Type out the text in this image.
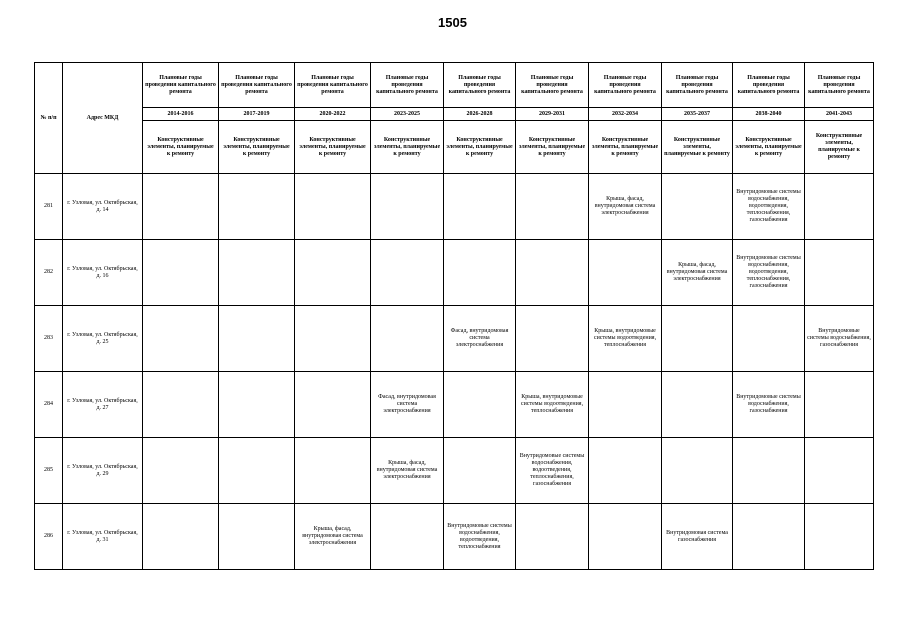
1505
№ п/п	Адрес МКД	Плановые годы проведения капитального ремонта	Плановые годы проведения капитального ремонта	Плановые годы проведения капитального ремонта	Плановые годы проведения капитального ремонта	Плановые годы проведения капитального ремонта	Плановые годы проведения капитального ремонта	Плановые годы проведения капитального ремонта	Плановые годы проведения капитального ремонта	Плановые годы проведения капитального ремонта	Плановые годы проведения капитального ремонта
		2014-2016	2017-2019	2020-2022	2023-2025	2026-2028	2029-2031	2032-2034	2035-2037	2038-2040	2041-2043
		Конструктивные элементы, планируемые к ремонту	Конструктивные элементы, планируемые к ремонту	Конструктивные элементы, планируемые к ремонту	Конструктивные элементы, планируемые к ремонту	Конструктивные элементы, планируемые к ремонту	Конструктивные элементы, планируемые к ремонту	Конструктивные элементы, планируемые к ремонту	Конструктивные элементы, планируемые к ремонту	Конструктивные элементы, планируемые к ремонту	Конструктивные элементы, планируемые к ремонту
281	г. Узловая, ул. Октябрьская, д. 14							Крыша, фасад, внутридомовая система электроснабжения		Внутридомовые системы водоснабжения, водоотведения, теплоснабжения, газоснабжения	
282	г. Узловая, ул. Октябрьская, д. 16								Крыша, фасад, внутридомовая система электроснабжения	Внутридомовые системы водоснабжения, водоотведения, теплоснабжения, газоснабжения	
283	г. Узловая, ул. Октябрьская, д. 25					Фасад, внутридомовая система электроснабжения		Крыша, внутридомовые системы водоотведения, теплоснабжения			Внутридомовые системы водоснабжения, газоснабжения
284	г. Узловая, ул. Октябрьская, д. 27				Фасад, внутридомовая система электроснабжения		Крыша, внутридомовые системы водоотведения, теплоснабжения			Внутридомовые системы водоснабжения, газоснабжения	
285	г. Узловая, ул. Октябрьская, д. 29				Крыша, фасад, внутридомовая система электроснабжения		Внутридомовые системы водоснабжения, водоотведения, теплоснабжения, газоснабжения				
286	г. Узловая, ул. Октябрьская, д. 31			Крыша, фасад, внутридомовая система электроснабжения		Внутридомовые системы водоснабжения, водоотведения, теплоснабжения			Внутридомовая система газоснабжения		
